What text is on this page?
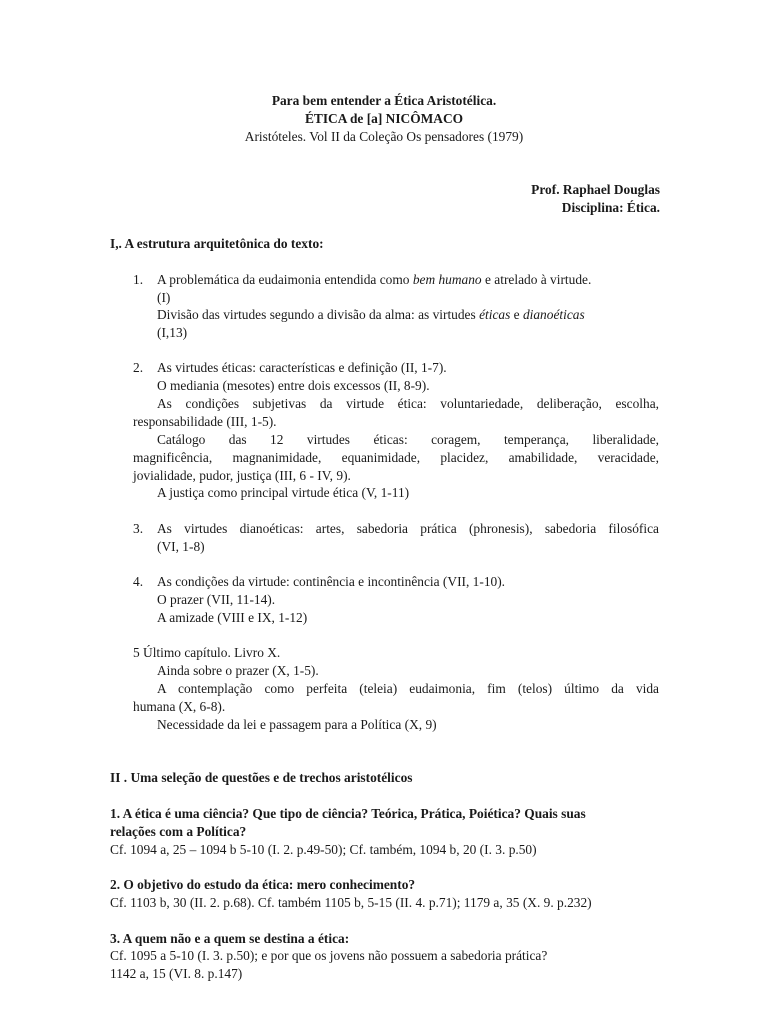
Para bem entender a Ética Aristotélica.
ÉTICA de [a] NICÔMACO
Aristóteles. Vol II da Coleção Os pensadores (1979)
Prof. Raphael Douglas
Disciplina: Ética.
I,. A estrutura arquitetônica do texto:
1. A problemática da eudaimonia entendida como bem humano e atrelado à virtude.
(I)
Divisão das virtudes segundo a divisão da alma: as virtudes éticas e dianoéticas
(I,13)
2. As virtudes éticas: características e definição (II, 1-7).
O mediania (mesotes) entre dois excessos (II, 8-9).
As condições subjetivas da virtude ética: voluntariedade, deliberação, escolha,
responsabilidade (III, 1-5).
Catálogo das 12 virtudes éticas: coragem, temperança, liberalidade,
magnificência, magnanimidade, equanimidade, placidez, amabilidade, veracidade,
jovialidade, pudor, justiça (III, 6 - IV, 9).
A justiça como principal virtude ética (V, 1-11)
3. As virtudes dianoéticas: artes, sabedoria prática (phronesis), sabedoria filosófica
(VI, 1-8)
4. As condições da virtude: continência e incontinência (VII, 1-10).
O prazer (VII, 11-14).
A amizade (VIII e IX, 1-12)
5 Último capítulo. Livro X.
Ainda sobre o prazer (X, 1-5).
A contemplação como perfeita (teleia) eudaimonia, fim (telos) último da vida
humana (X, 6-8).
Necessidade da lei e passagem para a Política (X, 9)
II . Uma seleção de questões e de trechos aristotélicos
1. A ética é uma ciência? Que tipo de ciência? Teórica, Prática, Poiética? Quais suas
relações com a Política?
Cf. 1094 a, 25 – 1094 b 5-10 (I. 2. p.49-50); Cf. também, 1094 b, 20 (I. 3. p.50)
2. O objetivo do estudo da ética: mero conhecimento?
Cf. 1103 b, 30 (II. 2. p.68). Cf. também 1105 b, 5-15 (II. 4. p.71); 1179 a, 35 (X. 9. p.232)
3. A quem não e a quem se destina a ética:
Cf. 1095 a 5-10 (I. 3. p.50); e por que os jovens não possuem a sabedoria prática?
1142 a, 15 (VI. 8. p.147)
